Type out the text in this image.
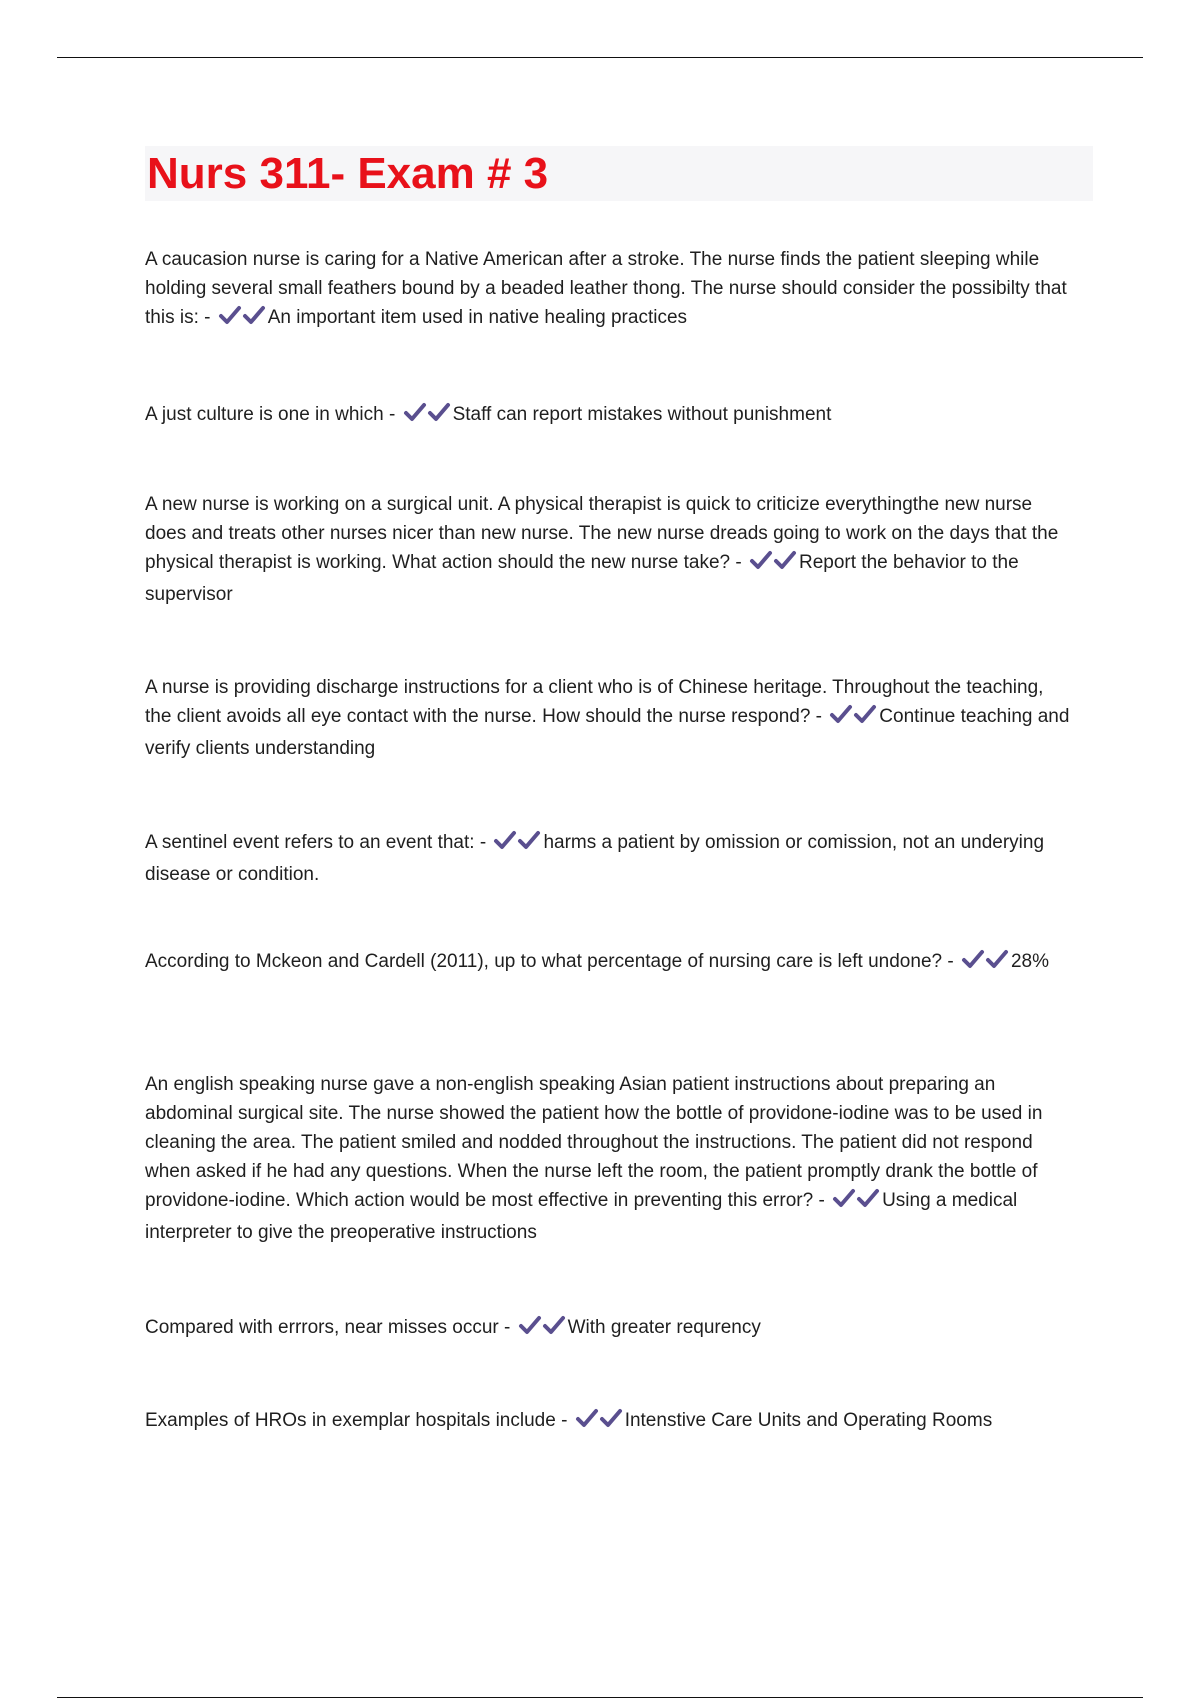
Nurs 311- Exam # 3
A caucasion nurse is caring for a Native American after a stroke. The nurse finds the patient sleeping while holding several small feathers bound by a beaded leather thong. The nurse should consider the possibilty that this is: -	An important item used in native healing practices
A just culture is one in which -	Staff can report mistakes without punishment
A new nurse is working on a surgical unit. A physical therapist is quick to criticize everythingthe new nurse does and treats other nurses nicer than new nurse. The new nurse dreads going to work on the days that the physical therapist is working. What action should the new nurse take? -	Report the behavior to the supervisor
A nurse is providing discharge instructions for a client who is of Chinese heritage. Throughout the teaching, the client avoids all eye contact with the nurse. How should the nurse respond? -	Continue teaching and verify clients understanding
A sentinel event refers to an event that: -	harms a patient by omission or comission, not an underying disease or condition.
According to Mckeon and Cardell (2011), up to what percentage of nursing care is left undone? -	28%
An english speaking nurse gave a non-english speaking Asian patient instructions about preparing an abdominal surgical site. The nurse showed the patient how the bottle of providone-iodine was to be used in cleaning the area. The patient smiled and nodded throughout the instructions. The patient did not respond when asked if he had any questions. When the nurse left the room, the patient promptly drank the bottle of providone-iodine. Which action would be most effective in preventing this error? -	Using a medical interpreter to give the preoperative instructions
Compared with errrors, near misses occur -	With greater requrency
Examples of HROs in exemplar hospitals include -	Intenstive Care Units and Operating Rooms
